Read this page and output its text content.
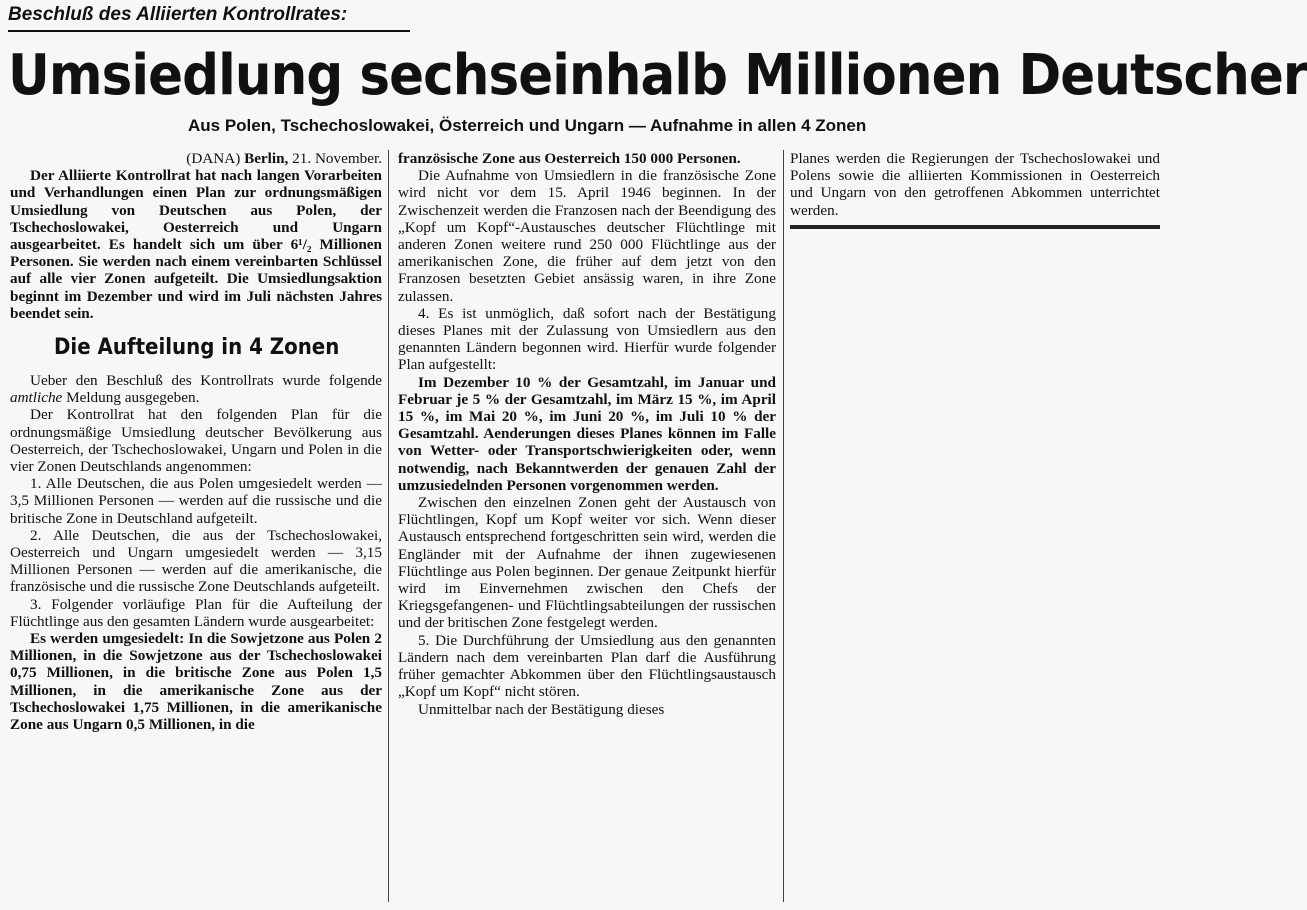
Beschluß des Alliierten Kontrollrates:
Umsiedlung sechseinhalb Millionen Deutscher
Aus Polen, Tschechoslowakei, Österreich und Ungarn — Aufnahme in allen 4 Zonen

(DANA) Berlin, 21. November.

Der Alliierte Kontrollrat hat nach langen Vorarbeiten und Verhandlungen einen Plan zur ordnungsmäßigen Umsiedlung von Deutschen aus Polen, der Tschechoslowakei, Oesterreich und Ungarn ausgearbeitet. Es handelt sich um über 6¹/₂ Millionen Personen. Sie werden nach einem vereinbarten Schlüssel auf alle vier Zonen aufgeteilt. Die Umsiedlungsaktion beginnt im Dezember und wird im Juli nächsten Jahres beendet sein.

Die Aufteilung in 4 Zonen

Ueber den Beschluß des Kontrollrats wurde folgende amtliche Meldung ausgegeben.

Der Kontrollrat hat den folgenden Plan für die ordnungsmäßige Umsiedlung deutscher Bevölkerung aus Oesterreich, der Tschechoslowakei, Ungarn und Polen in die vier Zonen Deutschlands angenommen:

1. Alle Deutschen, die aus Polen umgesiedelt werden — 3,5 Millionen Personen — werden auf die russische und die britische Zone in Deutschland aufgeteilt.

2. Alle Deutschen, die aus der Tschechoslowakei, Oesterreich und Ungarn umgesiedelt werden — 3,15 Millionen Personen — werden auf die amerikanische, die französische und die russische Zone Deutschlands aufgeteilt.

3. Folgender vorläufige Plan für die Aufteilung der Flüchtlinge aus den gesamten Ländern wurde ausgearbeitet:

Es werden umgesiedelt: In die Sowjetzone aus Polen 2 Millionen, in die Sowjetzone aus der Tschechoslowakei 0,75 Millionen, in die britische Zone aus Polen 1,5 Millionen, in die amerikanische Zone aus der Tschechoslowakei 1,75 Millionen, in die amerikanische Zone aus Ungarn 0,5 Millionen, in die

französische Zone aus Oesterreich 150 000 Personen.

Die Aufnahme von Umsiedlern in die französische Zone wird nicht vor dem 15. April 1946 beginnen. In der Zwischenzeit werden die Franzosen nach der Beendigung des „Kopf um Kopf“-Austausches deutscher Flüchtlinge mit anderen Zonen weitere rund 250 000 Flüchtlinge aus der amerikanischen Zone, die früher auf dem jetzt von den Franzosen besetzten Gebiet ansässig waren, in ihre Zone zulassen.

4. Es ist unmöglich, daß sofort nach der Bestätigung dieses Planes mit der Zulassung von Umsiedlern aus den genannten Ländern begonnen wird. Hierfür wurde folgender Plan aufgestellt:

Im Dezember 10 % der Gesamtzahl, im Januar und Februar je 5 % der Gesamtzahl, im März 15 %, im April 15 %, im Mai 20 %, im Juni 20 %, im Juli 10 % der Gesamtzahl. Aenderungen dieses Planes können im Falle von Wetter- oder Transportschwierigkeiten oder, wenn notwendig, nach Bekanntwerden der genauen Zahl der umzusiedelnden Personen vorgenommen werden.

Zwischen den einzelnen Zonen geht der Austausch von Flüchtlingen, Kopf um Kopf weiter vor sich. Wenn dieser Austausch entsprechend fortgeschritten sein wird, werden die Engländer mit der Aufnahme der ihnen zugewiesenen Flüchtlinge aus Polen beginnen. Der genaue Zeitpunkt hierfür wird im Einvernehmen zwischen den Chefs der Kriegsgefangenen- und Flüchtlingsabteilungen der russischen und der britischen Zone festgelegt werden.

5. Die Durchführung der Umsiedlung aus den genannten Ländern nach dem vereinbarten Plan darf die Ausführung früher gemachter Abkommen über den Flüchtlingsaustausch „Kopf um Kopf“ nicht stören.

Unmittelbar nach der Bestätigung dieses

Planes werden die Regierungen der Tschechoslowakei und Polens sowie die alliierten Kommissionen in Oesterreich und Ungarn von den getroffenen Abkommen unterrichtet werden.
